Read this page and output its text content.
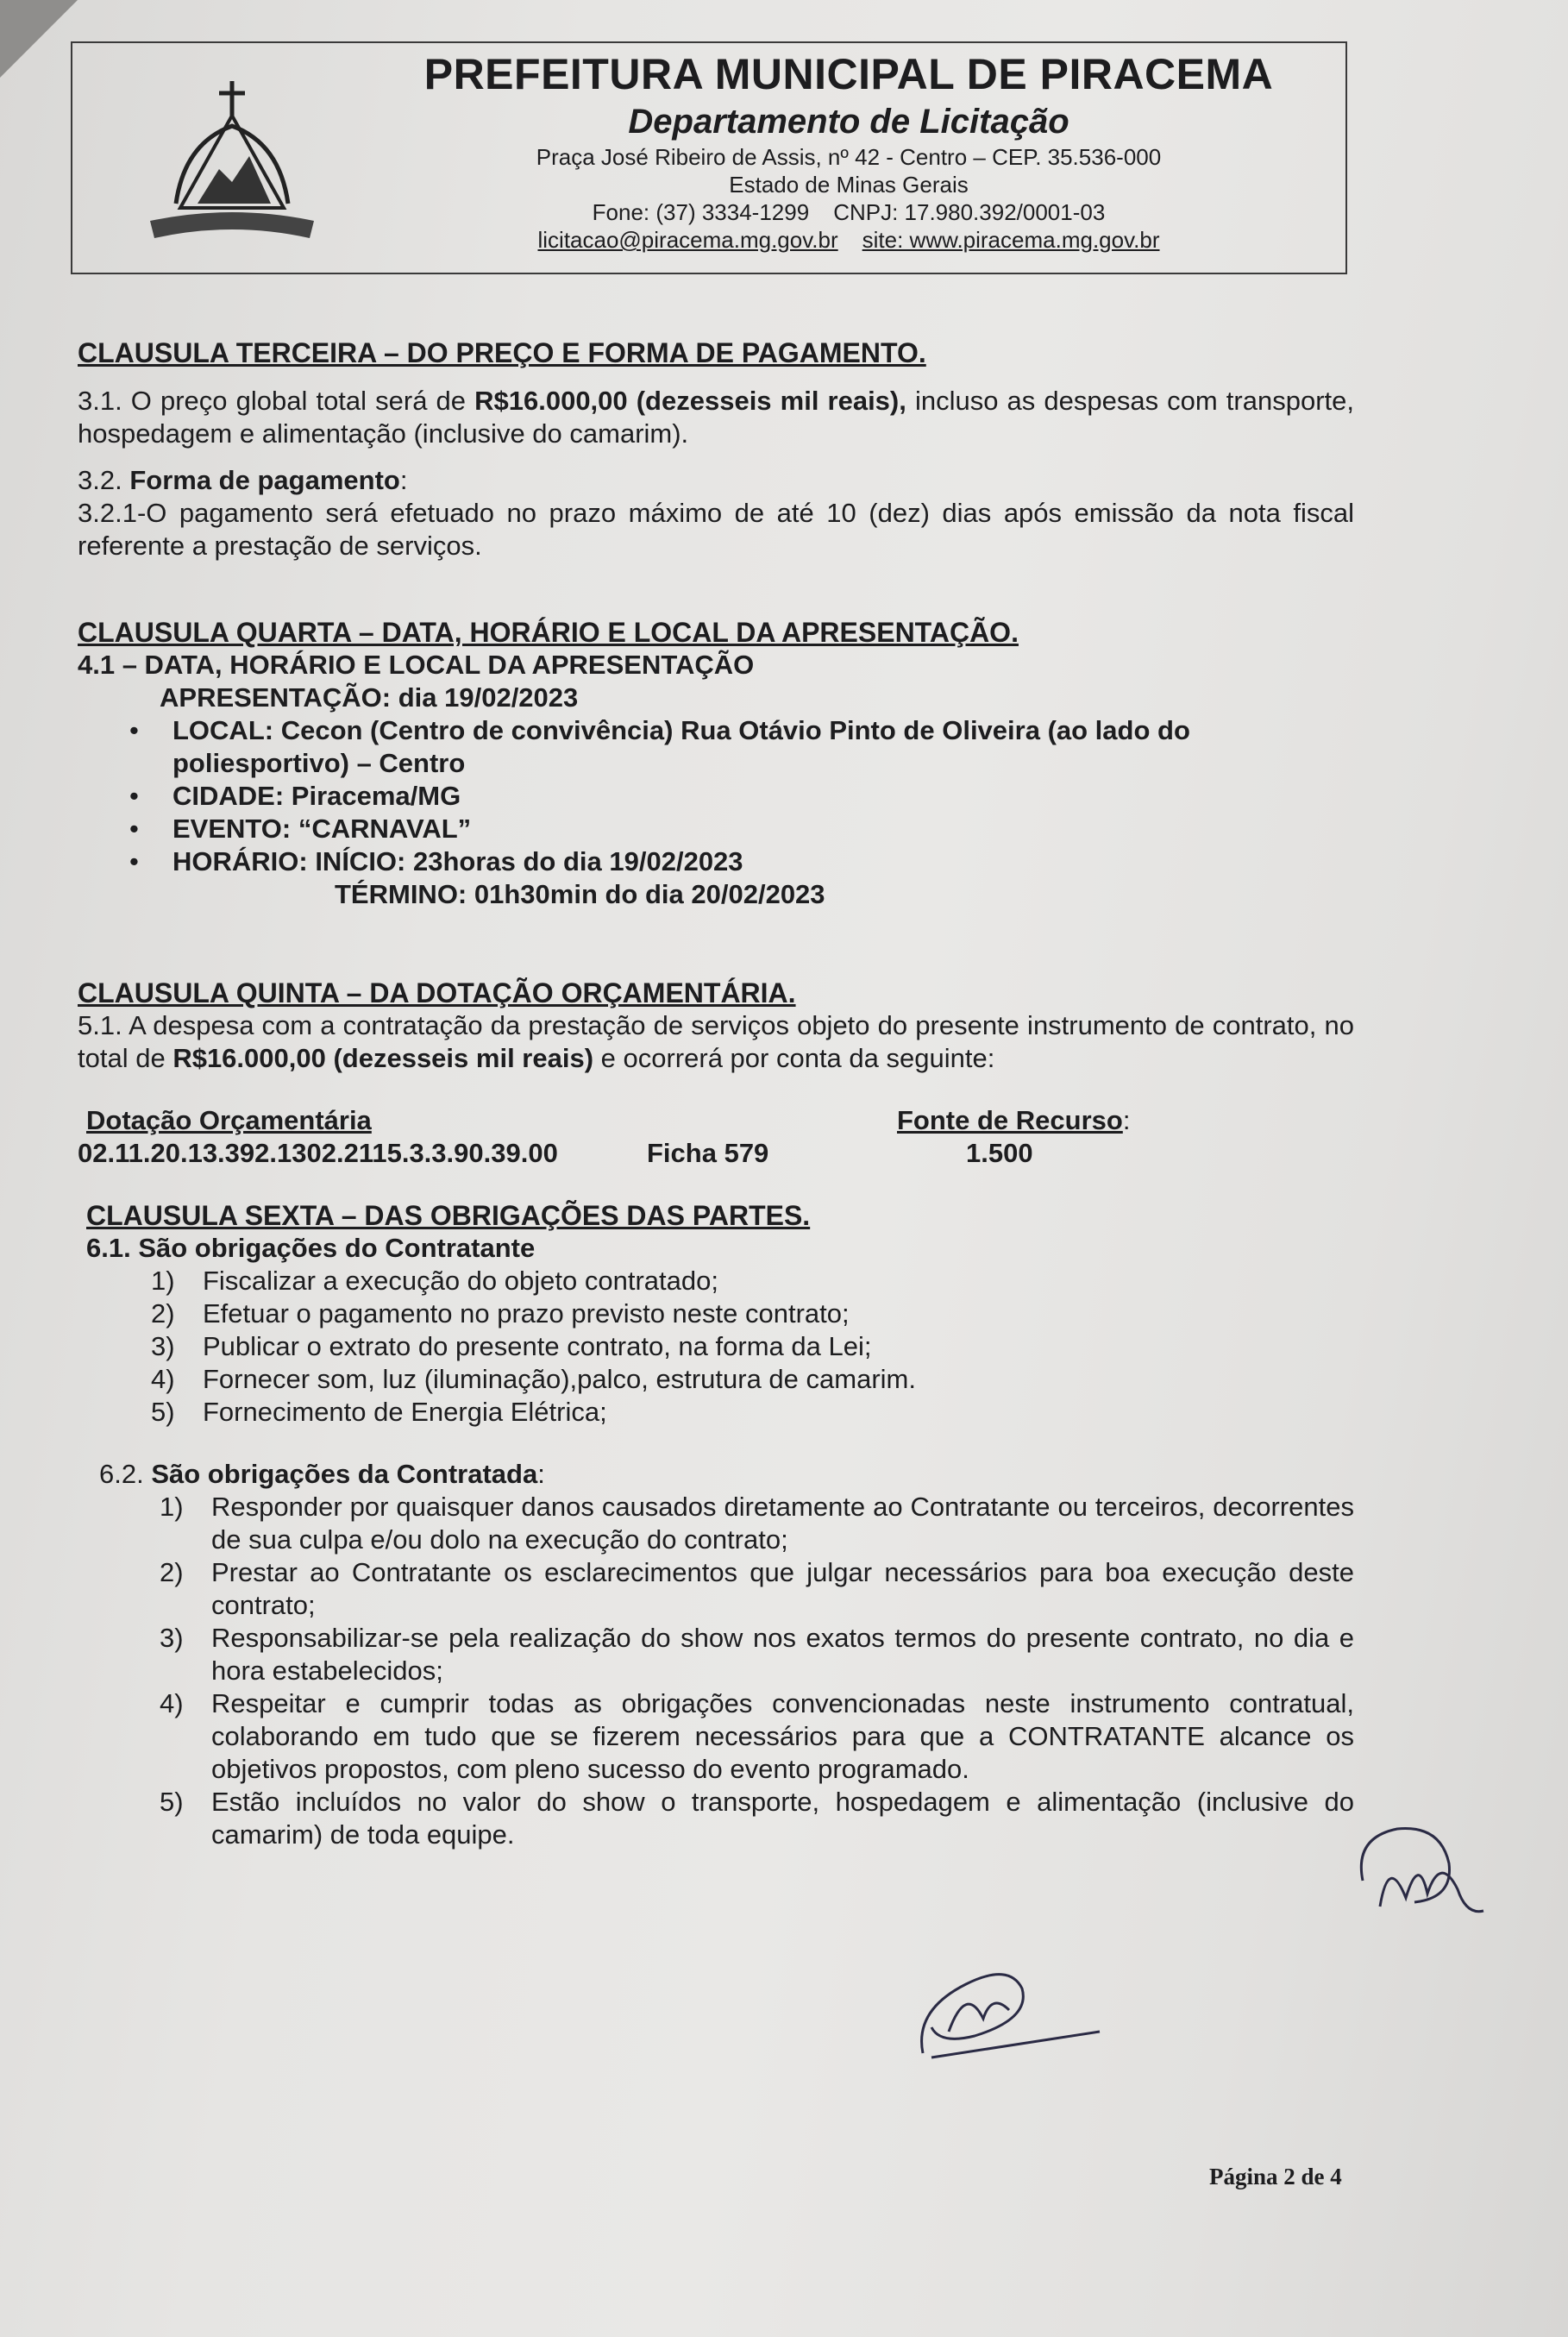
PREFEITURA MUNICIPAL DE PIRACEMA
Departamento de Licitação
Praça José Ribeiro de Assis, nº 42 - Centro – CEP. 35.536-000
Estado de Minas Gerais
Fone: (37) 3334-1299 CNPJ: 17.980.392/0001-03
licitacao@piracema.mg.gov.br site: www.piracema.mg.gov.br
CLAUSULA TERCEIRA – DO PREÇO E FORMA DE PAGAMENTO.

3.1. O preço global total será de R$16.000,00 (dezesseis mil reais), incluso as despesas com transporte, hospedagem e alimentação (inclusive do camarim).

3.2. Forma de pagamento:

3.2.1-O pagamento será efetuado no prazo máximo de até 10 (dez) dias após emissão da nota fiscal referente a prestação de serviços.

CLAUSULA QUARTA – DATA, HORÁRIO E LOCAL DA APRESENTAÇÃO.
4.1 – DATA, HORÁRIO E LOCAL DA APRESENTAÇÃO
APRESENTAÇÃO: dia 19/02/2023
• LOCAL: Cecon (Centro de convivência) Rua Otávio Pinto de Oliveira (ao lado do poliesportivo) – Centro
• CIDADE: Piracema/MG
• EVENTO: “CARNAVAL”
• HORÁRIO: INÍCIO: 23horas do dia 19/02/2023
TÉRMINO: 01h30min do dia 20/02/2023
CLAUSULA QUINTA – DA DOTAÇÃO ORÇAMENTÁRIA.

5.1. A despesa com a contratação da prestação de serviços objeto do presente instrumento de contrato, no total de R$16.000,00 (dezesseis mil reais) e ocorrerá por conta da seguinte:

Dotação Orçamentária	Fonte de Recurso:
02.11.20.13.392.1302.2115.3.3.90.39.00	Ficha 579	1.500
CLAUSULA SEXTA – DAS OBRIGAÇÕES DAS PARTES.
6.1. São obrigações do Contratante
1) Fiscalizar a execução do objeto contratado;
2) Efetuar o pagamento no prazo previsto neste contrato;
3) Publicar o extrato do presente contrato, na forma da Lei;
4) Fornecer som, luz (iluminação),palco, estrutura de camarim.
5) Fornecimento de Energia Elétrica;
6.2. São obrigações da Contratada:
1) Responder por quaisquer danos causados diretamente ao Contratante ou terceiros, decorrentes de sua culpa e/ou dolo na execução do contrato;
2) Prestar ao Contratante os esclarecimentos que julgar necessários para boa execução deste contrato;
3) Responsabilizar-se pela realização do show nos exatos termos do presente contrato, no dia e hora estabelecidos;
4) Respeitar e cumprir todas as obrigações convencionadas neste instrumento contratual, colaborando em tudo que se fizerem necessários para que a CONTRATANTE alcance os objetivos propostos, com pleno sucesso do evento programado.
5) Estão incluídos no valor do show o transporte, hospedagem e alimentação (inclusive do camarim) de toda equipe.
Página 2 de 4
